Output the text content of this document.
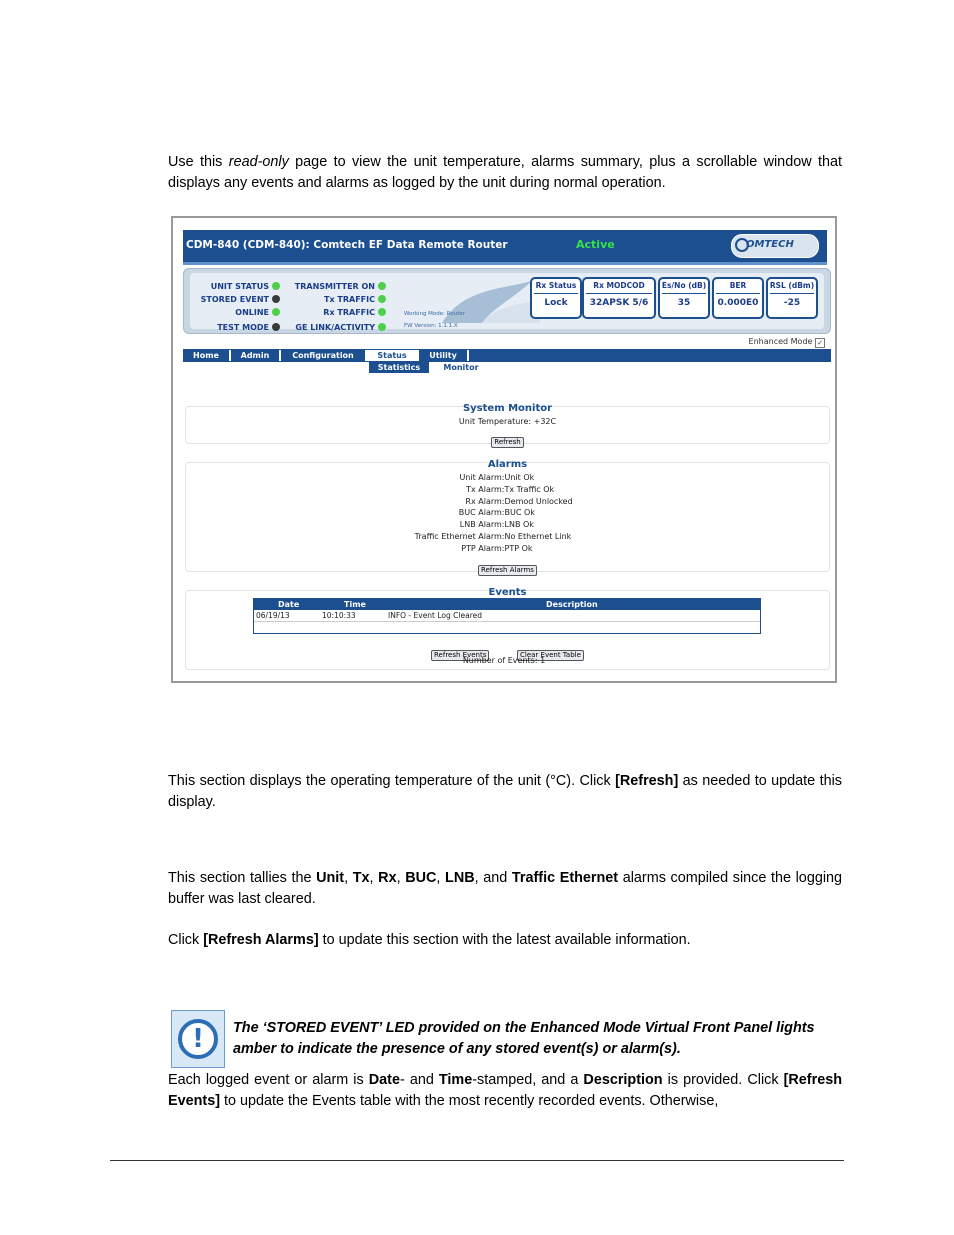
Use this read-only page to view the unit temperature, alarms summary, plus a scrollable window that displays any events and alarms as logged by the unit during normal operation.
CDM-840 (CDM-840): Comtech EF Data Remote Router	Active	OMTECH
UNIT STATUS
STORED EVENT
ONLINE
TEST MODE
TRANSMITTER ON
Tx TRAFFIC
Rx TRAFFIC
GE LINK/ACTIVITY
Working Mode: Router
FW Version: 1.1.1.X
Rx Status
Lock
Rx MODCOD
32APSK 5/6
Es/No (dB)
35
BER
0.000E0
RSL (dBm)
-25
Enhanced Mode ✓
Home	Admin	Configuration	Status	Utility
Statistics	Monitor
System Monitor
Unit Temperature: +32C
Refresh
Alarms
Unit Alarm: Unit Ok
Tx Alarm: Tx Traffic Ok
Rx Alarm: Demod Unlocked
BUC Alarm: BUC Ok
LNB Alarm: LNB Ok
Traffic Ethernet Alarm: No Ethernet Link
PTP Alarm: PTP Ok
Refresh Alarms
Events
Date	Time	Description
06/19/13	10:10:33	INFO - Event Log Cleared
Refresh Events	Clear Event Table
Number of Events: 1
This section displays the operating temperature of the unit (°C). Click [Refresh] as needed to update this display.
This section tallies the Unit, Tx, Rx, BUC, LNB, and Traffic Ethernet alarms compiled since the logging buffer was last cleared.
Click [Refresh Alarms] to update this section with the latest available information.
!	The ‘STORED EVENT’ LED provided on the Enhanced Mode Virtual Front Panel lights amber to indicate the presence of any stored event(s) or alarm(s).
Each logged event or alarm is Date- and Time-stamped, and a Description is provided. Click [Refresh Events] to update the Events table with the most recently recorded events. Otherwise,
